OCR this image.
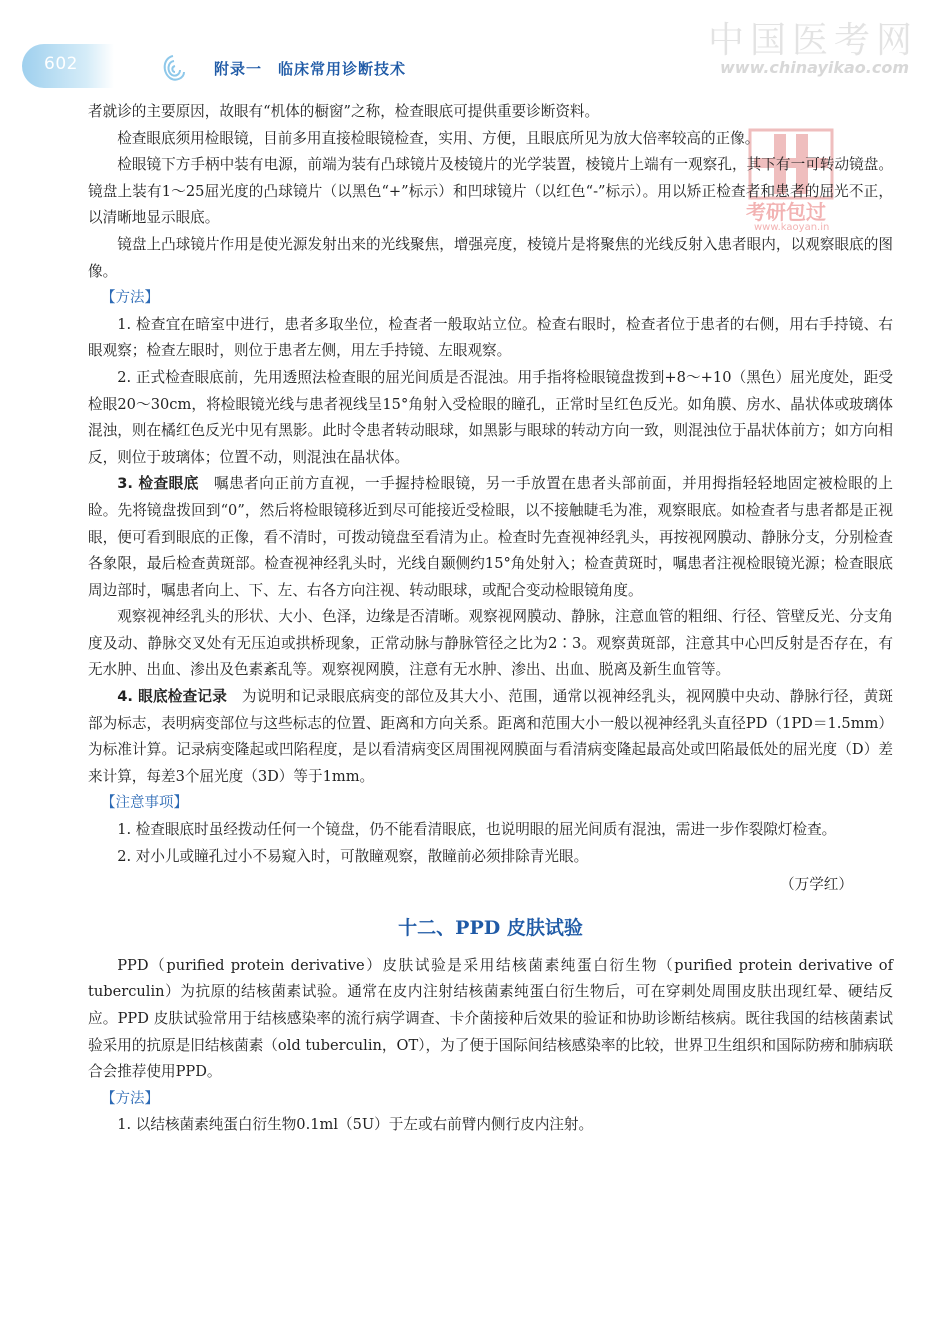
602	附录一　临床常用诊断技术
中国医考网
www.chinayikao.com
考研包过
www.kaoyan.in

者就诊的主要原因，故眼有“机体的橱窗”之称，检查眼底可提供重要诊断资料。

检查眼底须用检眼镜，目前多用直接检眼镜检查，实用、方便，且眼底所见为放大倍率较高的正像。

检眼镜下方手柄中装有电源，前端为装有凸球镜片及棱镜片的光学装置，棱镜片上端有一观察孔，其下有一可转动镜盘。镜盘上装有1～25屈光度的凸球镜片（以黑色“+”标示）和凹球镜片（以红色“-”标示）。用以矫正检查者和患者的屈光不正，以清晰地显示眼底。

镜盘上凸球镜片作用是使光源发射出来的光线聚焦，增强亮度，棱镜片是将聚焦的光线反射入患者眼内，以观察眼底的图像。

【方法】

1. 检查宜在暗室中进行，患者多取坐位，检查者一般取站立位。检查右眼时，检查者位于患者的右侧，用右手持镜、右眼观察；检查左眼时，则位于患者左侧，用左手持镜、左眼观察。

2. 正式检查眼底前，先用透照法检查眼的屈光间质是否混浊。用手指将检眼镜盘拨到+8～+10（黑色）屈光度处，距受检眼20～30cm，将检眼镜光线与患者视线呈15°角射入受检眼的瞳孔，正常时呈红色反光。如角膜、房水、晶状体或玻璃体混浊，则在橘红色反光中见有黑影。此时令患者转动眼球，如黑影与眼球的转动方向一致，则混浊位于晶状体前方；如方向相反，则位于玻璃体；位置不动，则混浊在晶状体。

3. 检查眼底　嘱患者向正前方直视，一手握持检眼镜，另一手放置在患者头部前面，并用拇指轻轻地固定被检眼的上睑。先将镜盘拨回到“0”，然后将检眼镜移近到尽可能接近受检眼，以不接触睫毛为准，观察眼底。如检查者与患者都是正视眼，便可看到眼底的正像，看不清时，可拨动镜盘至看清为止。检查时先查视神经乳头，再按视网膜动、静脉分支，分别检查各象限，最后检查黄斑部。检查视神经乳头时，光线自颞侧约15°角处射入；检查黄斑时，嘱患者注视检眼镜光源；检查眼底周边部时，嘱患者向上、下、左、右各方向注视、转动眼球，或配合变动检眼镜角度。

观察视神经乳头的形状、大小、色泽，边缘是否清晰。观察视网膜动、静脉，注意血管的粗细、行径、管壁反光、分支角度及动、静脉交叉处有无压迫或拱桥现象，正常动脉与静脉管径之比为2∶3。观察黄斑部，注意其中心凹反射是否存在，有无水肿、出血、渗出及色素紊乱等。观察视网膜，注意有无水肿、渗出、出血、脱离及新生血管等。

4. 眼底检查记录　为说明和记录眼底病变的部位及其大小、范围，通常以视神经乳头，视网膜中央动、静脉行径，黄斑部为标志，表明病变部位与这些标志的位置、距离和方向关系。距离和范围大小一般以视神经乳头直径PD（1PD＝1.5mm）为标准计算。记录病变隆起或凹陷程度，是以看清病变区周围视网膜面与看清病变隆起最高处或凹陷最低处的屈光度（D）差来计算，每差3个屈光度（3D）等于1mm。

【注意事项】

1. 检查眼底时虽经拨动任何一个镜盘，仍不能看清眼底，也说明眼的屈光间质有混浊，需进一步作裂隙灯检查。

2. 对小儿或瞳孔过小不易窥入时，可散瞳观察，散瞳前必须排除青光眼。

（万学红）

十二、PPD 皮肤试验

PPD（purified protein derivative）皮肤试验是采用结核菌素纯蛋白衍生物（purified protein derivative of tuberculin）为抗原的结核菌素试验。通常在皮内注射结核菌素纯蛋白衍生物后，可在穿刺处周围皮肤出现红晕、硬结反应。PPD 皮肤试验常用于结核感染率的流行病学调查、卡介菌接种后效果的验证和协助诊断结核病。既往我国的结核菌素试验采用的抗原是旧结核菌素（old tuberculin，OT），为了便于国际间结核感染率的比较，世界卫生组织和国际防痨和肺病联合会推荐使用PPD。

【方法】

1. 以结核菌素纯蛋白衍生物0.1ml（5U）于左或右前臂内侧行皮内注射。
